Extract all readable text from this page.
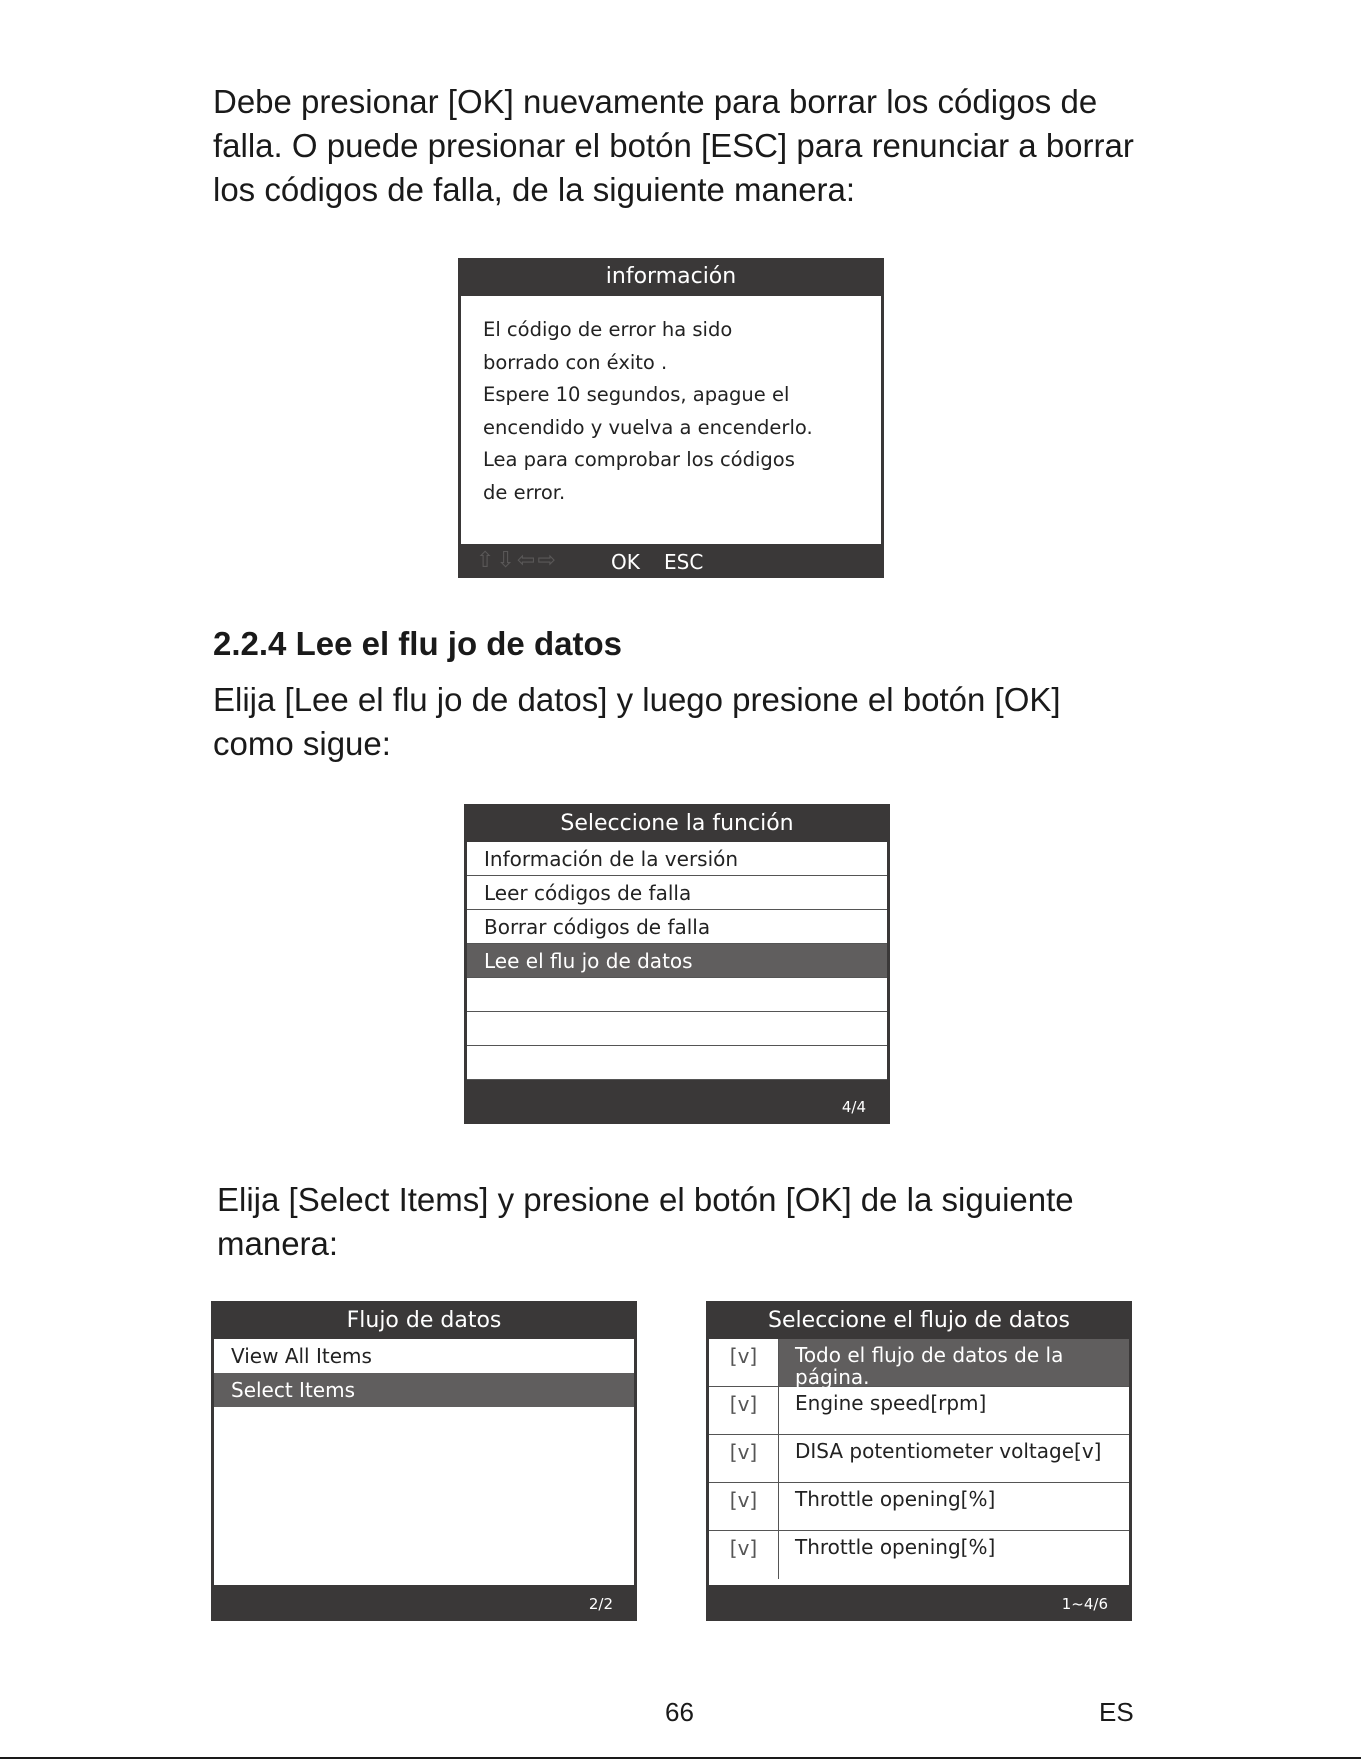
Debe presionar [OK] nuevamente para borrar los códigos de
falla. O puede presionar el botón [ESC] para renunciar a borrar
los códigos de falla, de la siguiente manera:
información
El código de error ha sido
borrado con éxito .
Espere 10 segundos, apague el
encendido y vuelva a encenderlo.
Lea para comprobar los códigos
de error.
⇧⇩⇦⇨	OK ESC
2.2.4 Lee el flu jo de datos
Elija [Lee el flu jo de datos] y luego presione el botón [OK]
como sigue:
Seleccione la función
Información de la versión
Leer códigos de falla
Borrar códigos de falla
Lee el flu jo de datos
4/4
Elija [Select Items] y presione el botón [OK] de la siguiente
manera:
Flujo de datos
View All Items
Select Items
2/2
Seleccione el flujo de datos
[v]	Todo el flujo de datos de la página.
[v]	Engine speed[rpm]
[v]	DISA potentiometer voltage[v]
[v]	Throttle opening[%]
[v]	Throttle opening[%]
1~4/6
66	ES
